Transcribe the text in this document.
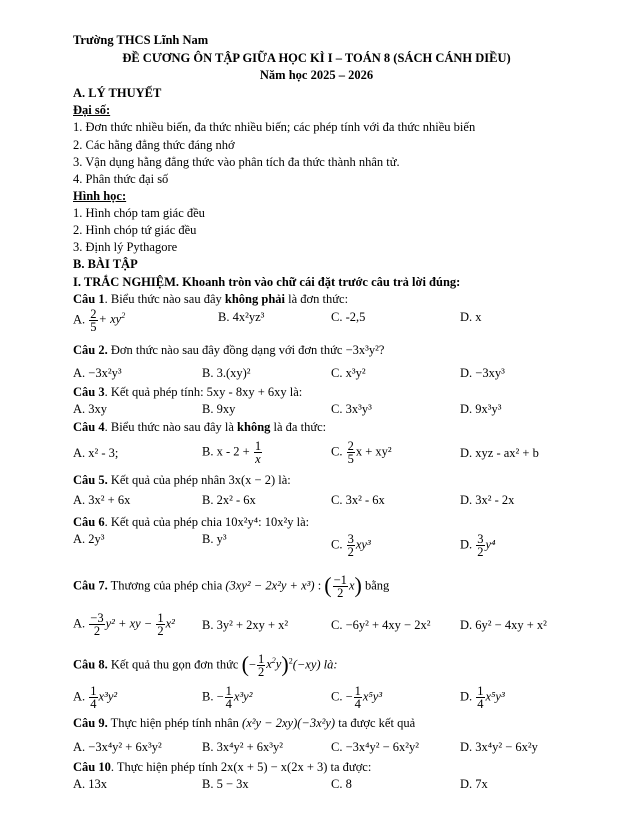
Trường THCS Lĩnh Nam
ĐỀ CƯƠNG ÔN TẬP GIỮA HỌC KÌ I – TOÁN 8 (SÁCH CÁNH DIỀU)
Năm học 2025 – 2026
A. LÝ THUYẾT
Đại số:
1. Đơn thức nhiều biến, đa thức nhiều biến; các phép tính với đa thức nhiều biến
2. Các hằng đẳng thức đáng nhớ
3. Vận dụng hằng đẳng thức vào phân tích đa thức thành nhân tử.
4. Phân thức đại số
Hình học:
1. Hình chóp tam giác đều
2. Hình chóp tứ giác đều
3. Định lý Pythagore
B. BÀI TẬP
I. TRẮC NGHIỆM. Khoanh tròn vào chữ cái đặt trước câu trả lời đúng:
Câu 1. Biểu thức nào sau đây không phải là đơn thức:
A. $\frac{2}{5} + xy^2$	B. 4x²yz³	C. -2,5	D. x
Câu 2. Đơn thức nào sau đây đồng dạng với đơn thức −3x³y²?
A. −3x²y³	B. 3.(xy)²	C. x³y²	D. −3xy³
Câu 3. Kết quả phép tính: 5xy - 8xy + 6xy là:
A. 3xy	B. 9xy	C. 3x³y³	D. 9x³y³
Câu 4. Biểu thức nào sau đây là không là đa thức:
A. x² - 3;	B. $x - 2 + \frac{1}{x}$	C. $\frac{2}{5}$ x + xy²	D. xyz - ax² + b
Câu 5. Kết quả của phép nhân 3x(x − 2) là:
A. 3x² + 6x	B. 2x² - 6x	C. 3x² - 6x	D. 3x² - 2x
Câu 6. Kết quả của phép chia 10x²y⁴: 10x²y là:
A. 2y³	B. y³	C. $\frac{3}{2} xy^3$	D. $\frac{3}{2} y^4$
Câu 7. Thương của phép chia (3xy² − 2x²y + x³) : ( $\frac{-1}{2} x$) bằng
A. $\frac{-3}{2} y^2$ + xy − $\frac{1}{2} x^2$ B. 3y² + 2xy + x²	C. −6y² + 4xy − 2x² D. 6y² − 4xy + x²
Câu 8. Kết quả thu gọn đơn thức (− $\frac{1}{2} x^2y)^2(-xy)$ là:
A. $\frac{1}{4} x^3y^2$	B. − $\frac{1}{4} x^3y^2$	C. − $\frac{1}{4} x^5y^3$	D. $\frac{1}{4} x^5y^3$
Câu 9. Thực hiện phép tính nhân (x²y − 2xy)(−3x²y) ta được kết quả
A. −3x⁴y² + 6x³y²	B. 3x⁴y² + 6x³y²	C. −3x⁴y² − 6x²y²	D. 3x⁴y² − 6x²y
Câu 10. Thực hiện phép tính 2x(x + 5) − x(2x + 3) ta được:
A. 13x	B. 5 − 3x	C. 8	D. 7x
